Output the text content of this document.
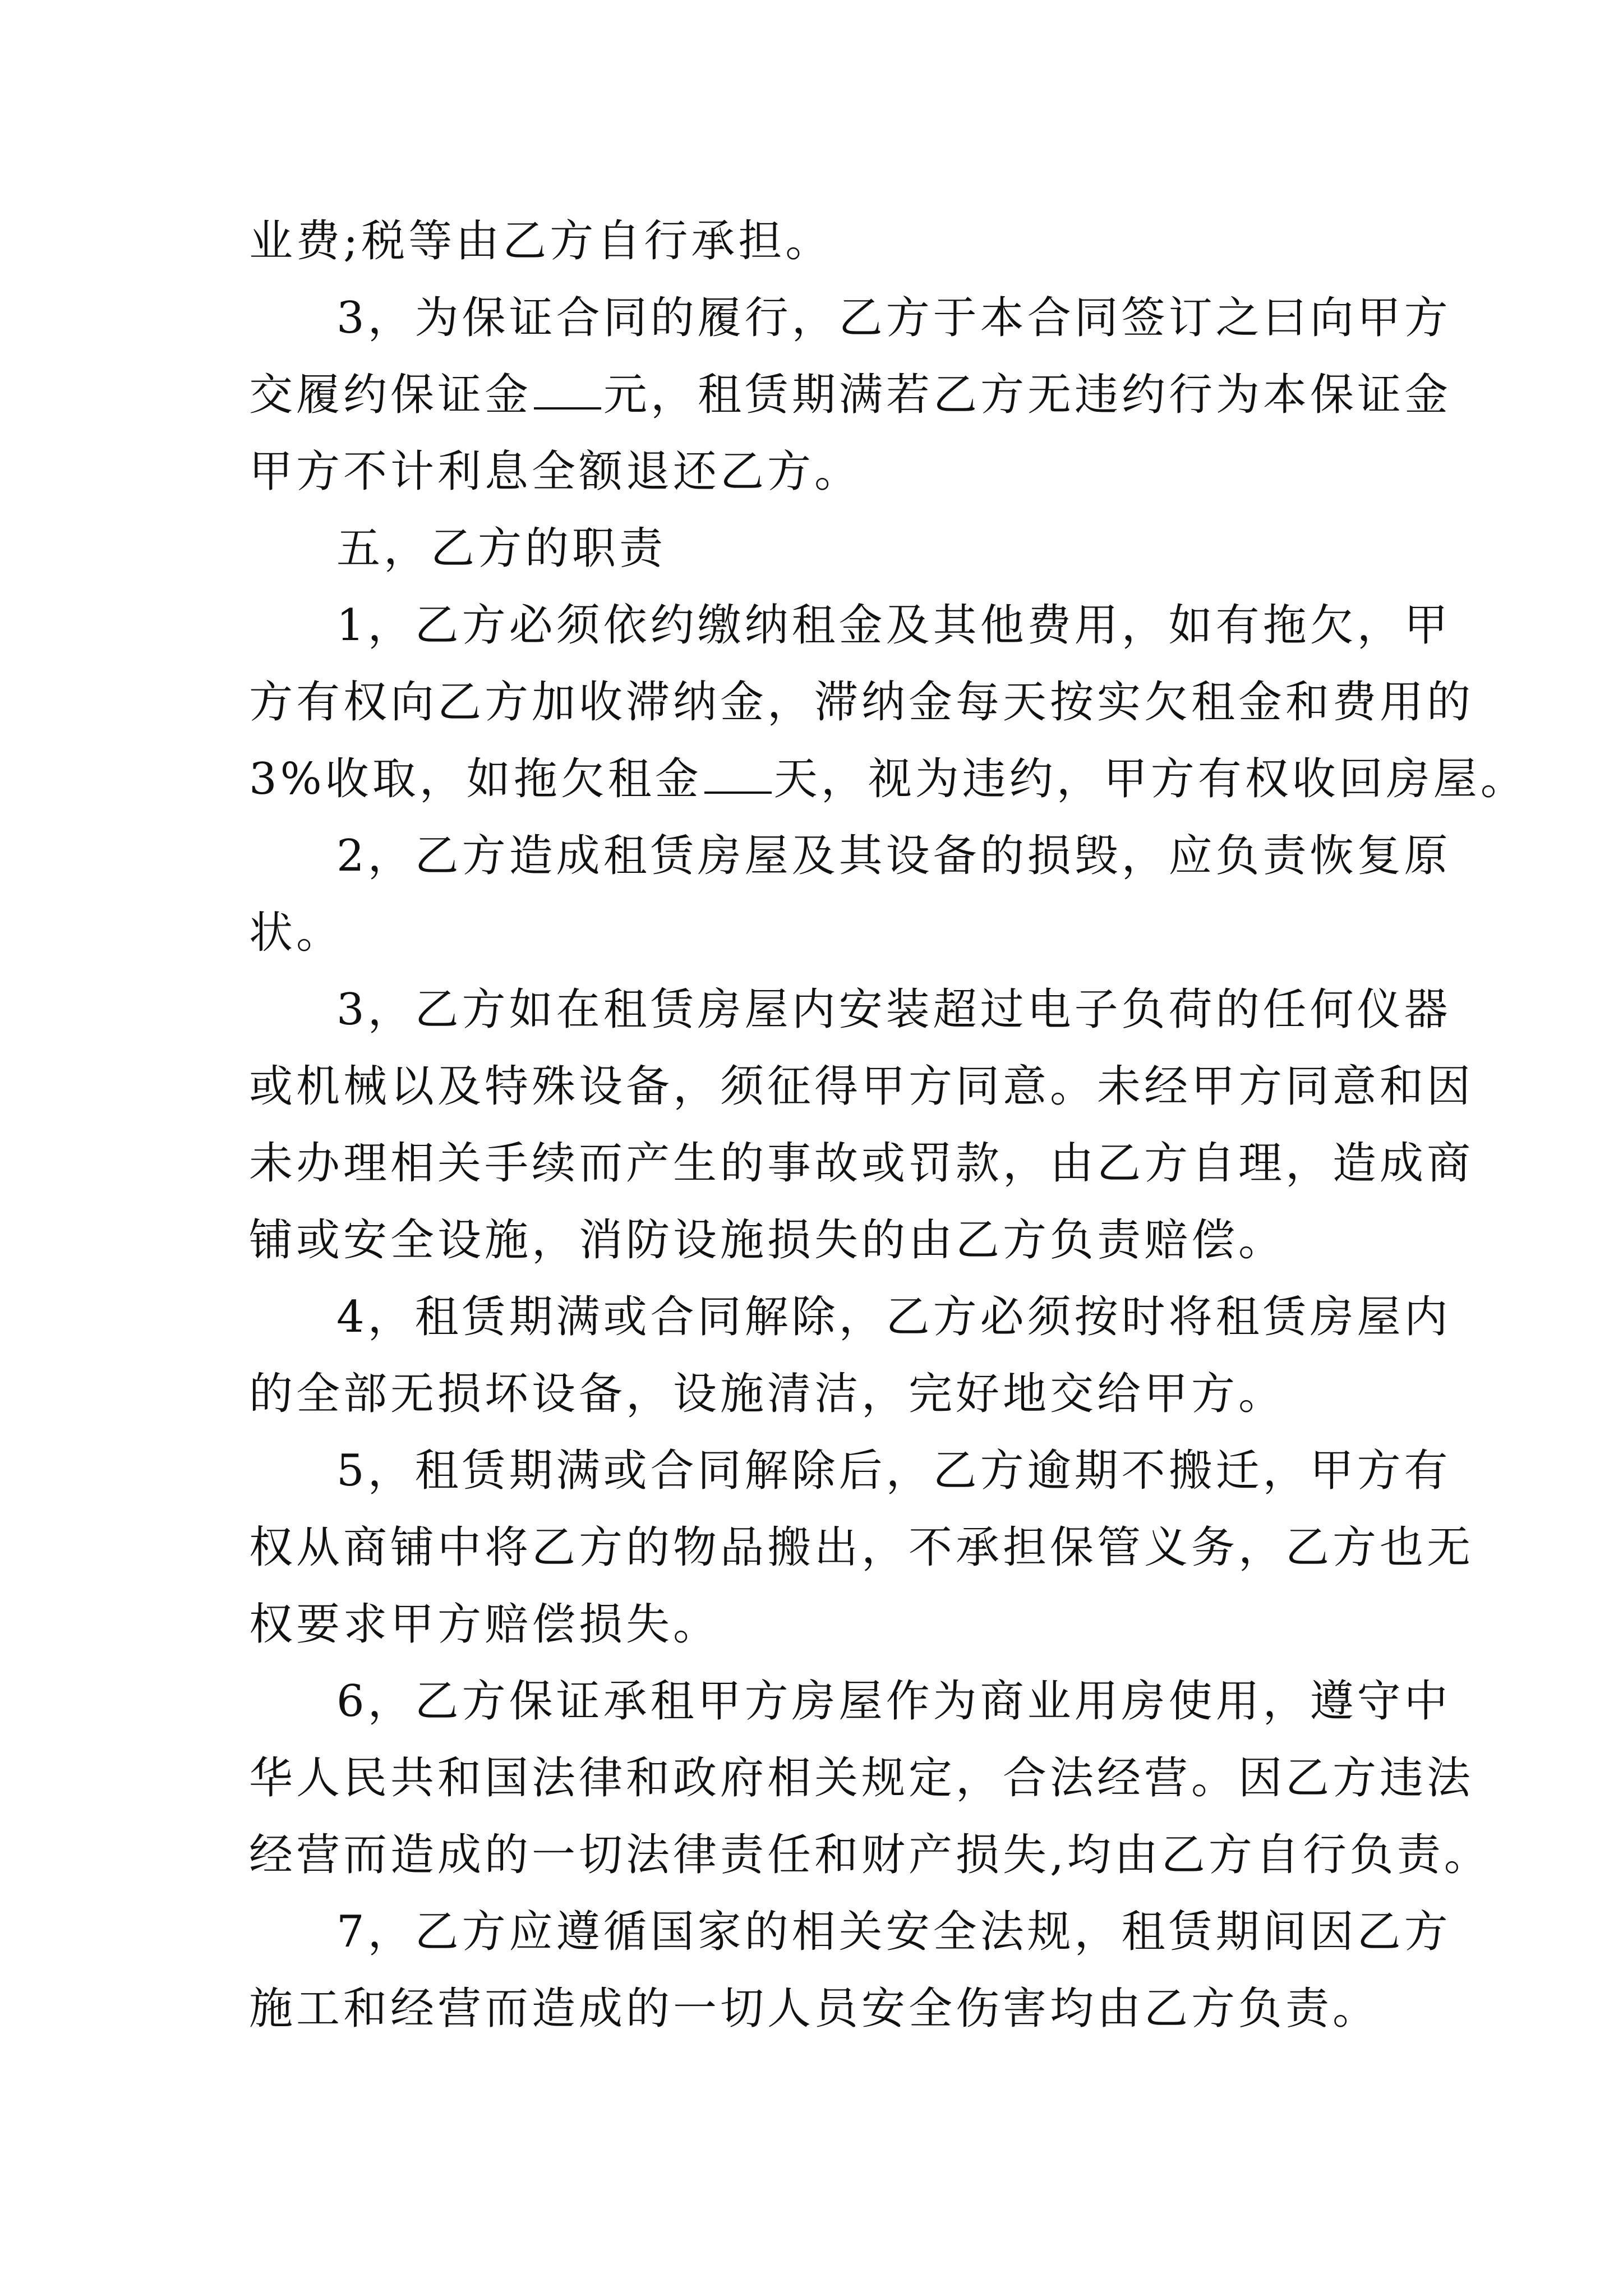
业费;税等由乙方自行承担。
3，为保证合同的履行，乙方于本合同签订之曰向甲方
交履约保证金 元，租赁期满若乙方无违约行为本保证金
甲方不计利息全额退还乙方。
五，乙方的职责
1，乙方必须依约缴纳租金及其他费用，如有拖欠，甲
方有权向乙方加收滞纳金，滞纳金每天按实欠租金和费用的
3%收取，如拖欠租金 天，视为违约，甲方有权收回房屋。
2，乙方造成租赁房屋及其设备的损毁，应负责恢复原
状。
3，乙方如在租赁房屋内安装超过电子负荷的任何仪器
或机械以及特殊设备，须征得甲方同意。未经甲方同意和因
未办理相关手续而产生的事故或罚款，由乙方自理，造成商
铺或安全设施，消防设施损失的由乙方负责赔偿。
4，租赁期满或合同解除，乙方必须按时将租赁房屋内
的全部无损坏设备，设施清洁，完好地交给甲方。
5，租赁期满或合同解除后，乙方逾期不搬迁，甲方有
权从商铺中将乙方的物品搬出，不承担保管义务，乙方也无
权要求甲方赔偿损失。
6，乙方保证承租甲方房屋作为商业用房使用，遵守中
华人民共和国法律和政府相关规定，合法经营。因乙方违法
经营而造成的一切法律责任和财产损失,均由乙方自行负责。
7，乙方应遵循国家的相关安全法规，租赁期间因乙方
施工和经营而造成的一切人员安全伤害均由乙方负责。
